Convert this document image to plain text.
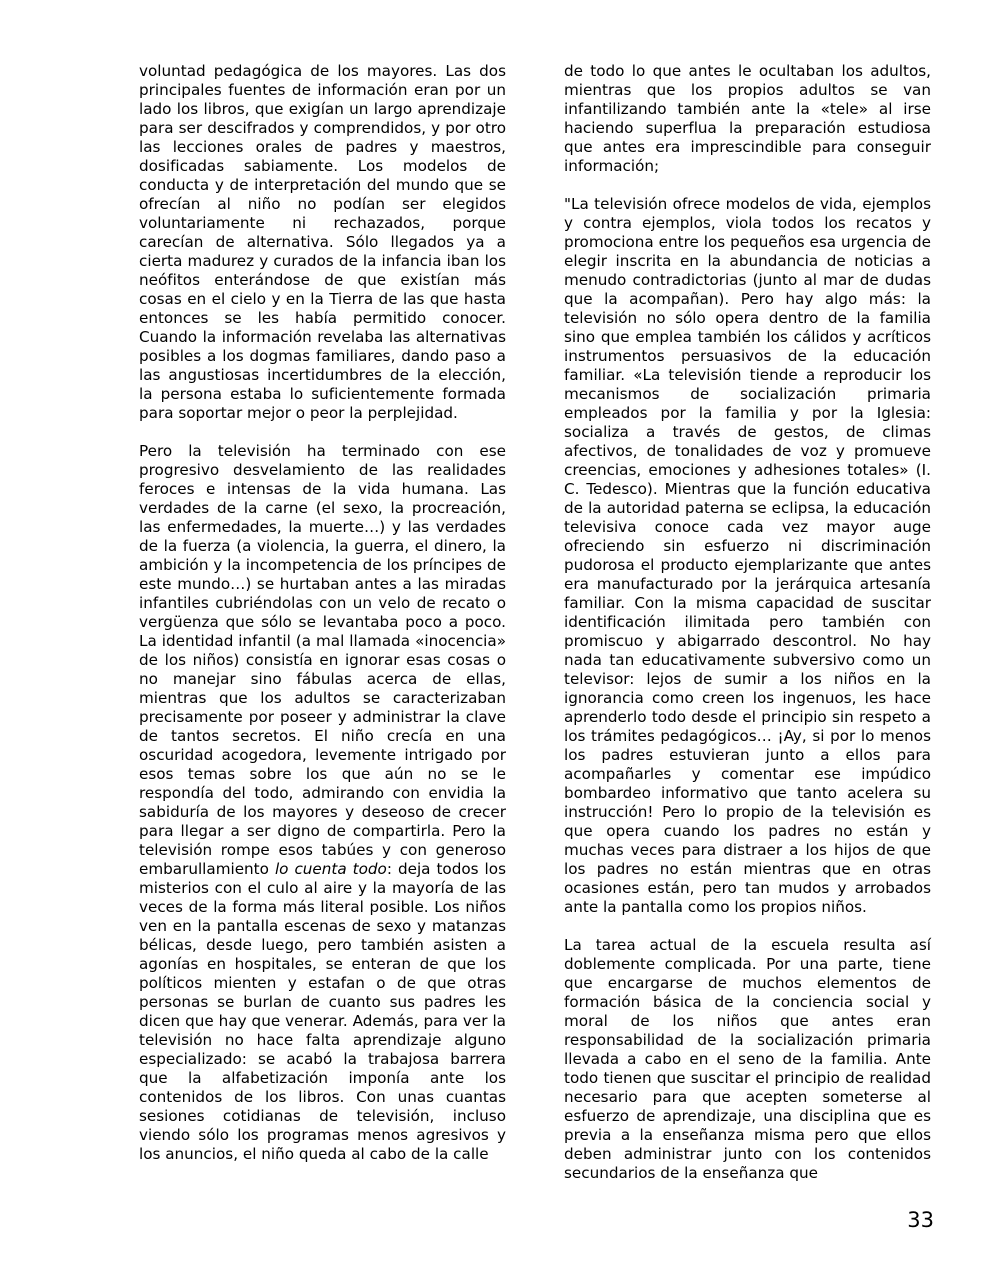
voluntad pedagógica de los mayores. Las dos principales fuentes de información eran por un lado los libros, que exigían un largo aprendizaje para ser descifrados y comprendidos, y por otro las lecciones orales de padres y maestros, dosificadas sabiamente. Los modelos de conducta y de interpretación del mundo que se ofrecían al niño no podían ser elegidos voluntariamente ni rechazados, porque carecían de alternativa. Sólo llegados ya a cierta madurez y curados de la infancia iban los neófitos enterándose de que existían más cosas en el cielo y en la Tierra de las que hasta entonces se les había permitido conocer. Cuando la información revelaba las alternativas posibles a los dogmas familiares, dando paso a las angustiosas incertidumbres de la elección, la persona estaba lo suficientemente formada para soportar mejor o peor la perplejidad.

Pero la televisión ha terminado con ese progresivo desvelamiento de las realidades feroces e intensas de la vida humana. Las verdades de la carne (el sexo, la procreación, las enfermedades, la muerte…) y las verdades de la fuerza (a violencia, la guerra, el dinero, la ambición y la incompetencia de los príncipes de este mundo…) se hurtaban antes a las miradas infantiles cubriéndolas con un velo de recato o vergüenza que sólo se levantaba poco a poco. La identidad infantil (a mal llamada «inocencia» de los niños) consistía en ignorar esas cosas o no manejar sino fábulas acerca de ellas, mientras que los adultos se caracterizaban precisamente por poseer y administrar la clave de tantos secretos. El niño crecía en una oscuridad acogedora, levemente intrigado por esos temas sobre los que aún no se le respondía del todo, admirando con envidia la sabiduría de los mayores y deseoso de crecer para llegar a ser digno de compartirla. Pero la televisión rompe esos tabúes y con generoso embarullamiento lo cuenta todo: deja todos los misterios con el culo al aire y la mayoría de las veces de la forma más literal posible. Los niños ven en la pantalla escenas de sexo y matanzas bélicas, desde luego, pero también asisten a agonías en hospitales, se enteran de que los políticos mienten y estafan o de que otras personas se burlan de cuanto sus padres les dicen que hay que venerar. Además, para ver la televisión no hace falta aprendizaje alguno especializado: se acabó la trabajosa barrera que la alfabetización imponía ante los contenidos de los libros. Con unas cuantas sesiones cotidianas de televisión, incluso viendo sólo los programas menos agresivos y los anuncios, el niño queda al cabo de la calle

de todo lo que antes le ocultaban los adultos, mientras que los propios adultos se van infantilizando también ante la «tele» al irse haciendo superflua la preparación estudiosa que antes era imprescindible para conseguir información;

"La televisión ofrece modelos de vida, ejemplos y contra ejemplos, viola todos los recatos y promociona entre los pequeños esa urgencia de elegir inscrita en la abundancia de noticias a menudo contradictorias (junto al mar de dudas que la acompañan). Pero hay algo más: la televisión no sólo opera dentro de la familia sino que emplea también los cálidos y acríticos instrumentos persuasivos de la educación familiar. «La televisión tiende a reproducir los mecanismos de socialización primaria empleados por la familia y por la Iglesia: socializa a través de gestos, de climas afectivos, de tonalidades de voz y promueve creencias, emociones y adhesiones totales» (I. C. Tedesco). Mientras que la función educativa de la autoridad paterna se eclipsa, la educación televisiva conoce cada vez mayor auge ofreciendo sin esfuerzo ni discriminación pudorosa el producto ejemplarizante que antes era manufacturado por la jerárquica artesanía familiar. Con la misma capacidad de suscitar identificación ilimitada pero también con promiscuo y abigarrado descontrol. No hay nada tan educativamente subversivo como un televisor: lejos de sumir a los niños en la ignorancia como creen los ingenuos, les hace aprenderlo todo desde el principio sin respeto a los trámites pedagógicos… ¡Ay, si por lo menos los padres estuvieran junto a ellos para acompañarles y comentar ese impúdico bombardeo informativo que tanto acelera su instrucción! Pero lo propio de la televisión es que opera cuando los padres no están y muchas veces para distraer a los hijos de que los padres no están mientras que en otras ocasiones están, pero tan mudos y arrobados ante la pantalla como los propios niños.

La tarea actual de la escuela resulta así doblemente complicada. Por una parte, tiene que encargarse de muchos elementos de formación básica de la conciencia social y moral de los niños que antes eran responsabilidad de la socialización primaria llevada a cabo en el seno de la familia. Ante todo tienen que suscitar el principio de realidad necesario para que acepten someterse al esfuerzo de aprendizaje, una disciplina que es previa a la enseñanza misma pero que ellos deben administrar junto con los contenidos secundarios de la enseñanza que

33
